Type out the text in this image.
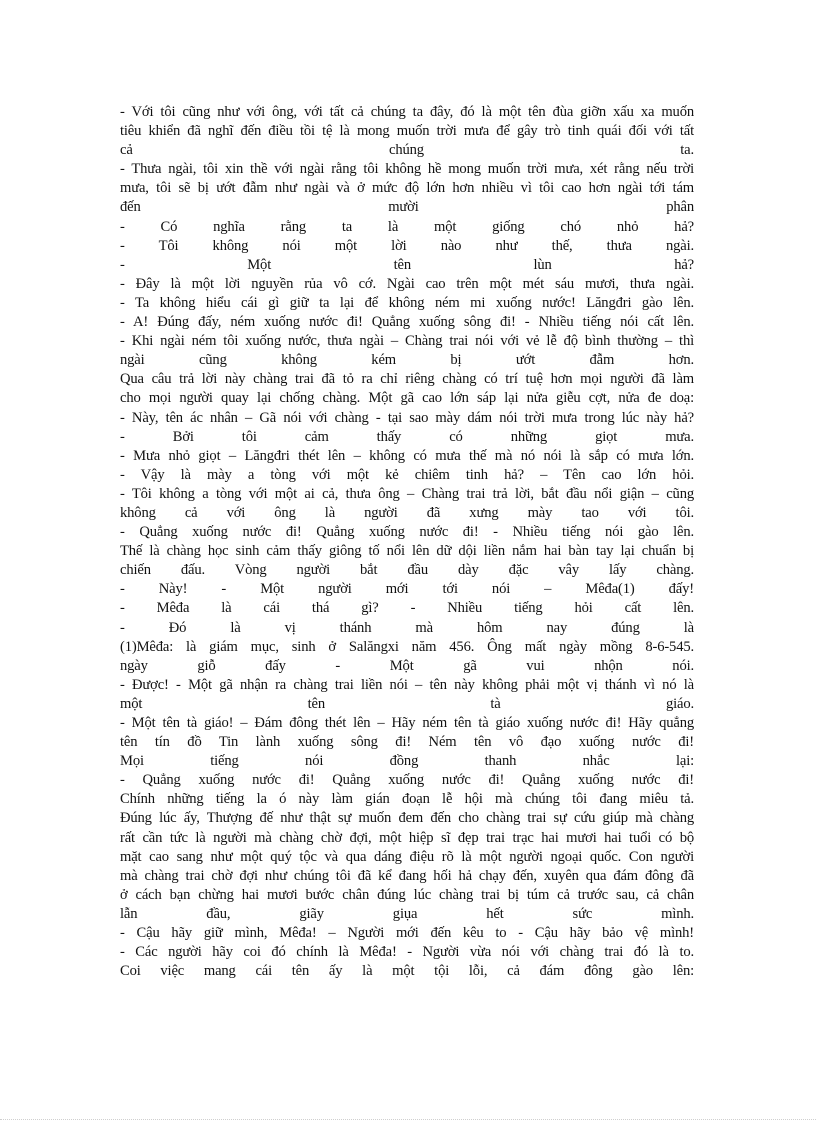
- Với tôi cũng như với ông, với tất cả chúng ta đây, đó là một tên đùa giỡn xấu xa muốn
tiêu khiển đã nghĩ đến điều tồi tệ là mong muốn trời mưa để gây trò tinh quái đối với tất
cả chúng ta.
- Thưa ngài, tôi xin thề với ngài rằng tôi không hề mong muốn trời mưa, xét rằng nếu trời
mưa, tôi sẽ bị ướt đẫm như ngài và ở mức độ lớn hơn nhiều vì tôi cao hơn ngài tới tám
đến mười phân
- Có nghĩa rằng ta là một giống chó nhỏ hả?
- Tôi không nói một lời nào như thế, thưa ngài.
- Một tên lùn hả?
- Đây là một lời nguyền rủa vô cớ. Ngài cao trên một mét sáu mươi, thưa ngài.
- Ta không hiểu cái gì giữ ta lại để không ném mi xuống nước! Lăngđri gào lên.
- A! Đúng đấy, ném xuống nước đi! Quẳng xuống sông đi! - Nhiều tiếng nói cất lên.
- Khi ngài ném tôi xuống nước, thưa ngài – Chàng trai nói với vẻ lễ độ bình thường – thì
ngài cũng không kém bị ướt đẫm hơn.
Qua câu trả lời này chàng trai đã tỏ ra chỉ riêng chàng có trí tuệ hơn mọi người đã làm
cho mọi người quay lại chống chàng. Một gã cao lớn sáp lại nửa giễu cợt, nửa đe doạ:
- Này, tên ác nhân – Gã nói với chàng - tại sao mày dám nói trời mưa trong lúc này hả?
- Bởi tôi cảm thấy có những giọt mưa.
- Mưa nhỏ giọt – Lăngđri thét lên – không có mưa thế mà nó nói là sắp có mưa lớn.
- Vậy là mày a tòng với một kẻ chiêm tinh hả? – Tên cao lớn hỏi.
- Tôi không a tòng với một ai cả, thưa ông – Chàng trai trả lời, bắt đầu nổi giận – cũng
không cả với ông là người đã xưng mày tao với tôi.
- Quẳng xuống nước đi! Quẳng xuống nước đi! - Nhiều tiếng nói gào lên.
Thế là chàng học sinh cảm thấy giông tố nổi lên dữ dội liền nắm hai bàn tay lại chuẩn bị
chiến đấu. Vòng người bắt đầu dày đặc vây lấy chàng.
- Này! - Một người mới tới nói – Mêđa(1) đấy!
- Mêđa là cái thá gì? - Nhiều tiếng hỏi cất lên.
- Đó là vị thánh mà hôm nay đúng là
(1)Mêđa: là giám mục, sinh ở Salăngxi năm 456. Ông mất ngày mồng 8-6-545.
ngày giỗ đấy - Một gã vui nhộn nói.
- Được! - Một gã nhận ra chàng trai liền nói – tên này không phải một vị thánh vì nó là
một tên tà giáo.
- Một tên tà giáo! – Đám đông thét lên – Hãy ném tên tà giáo xuống nước đi! Hãy quẳng
tên tín đồ Tin lành xuống sông đi! Ném tên vô đạo xuống nước đi!
Mọi tiếng nói đồng thanh nhắc lại:
- Quẳng xuống nước đi! Quẳng xuống nước đi! Quẳng xuống nước đi!
Chính những tiếng la ó này làm gián đoạn lễ hội mà chúng tôi đang miêu tả.
Đúng lúc ấy, Thượng đế như thật sự muốn đem đến cho chàng trai sự cứu giúp mà chàng
rất cần tức là người mà chàng chờ đợi, một hiệp sĩ đẹp trai trạc hai mươi hai tuổi có bộ
mặt cao sang như một quý tộc và qua dáng điệu rõ là một người ngoại quốc. Con người
mà chàng trai chờ đợi như chúng tôi đã kể đang hối hả chạy đến, xuyên qua đám đông đã
ở cách bạn chừng hai mươi bước chân đúng lúc chàng trai bị túm cả trước sau, cả chân
lẫn đầu, giãy giụa hết sức mình.
- Cậu hãy giữ mình, Mêđa! – Người mới đến kêu to - Cậu hãy bảo vệ mình!
- Các người hãy coi đó chính là Mêđa! - Người vừa nói với chàng trai đó là to.
Coi việc mang cái tên ấy là một tội lỗi, cả đám đông gào lên:
